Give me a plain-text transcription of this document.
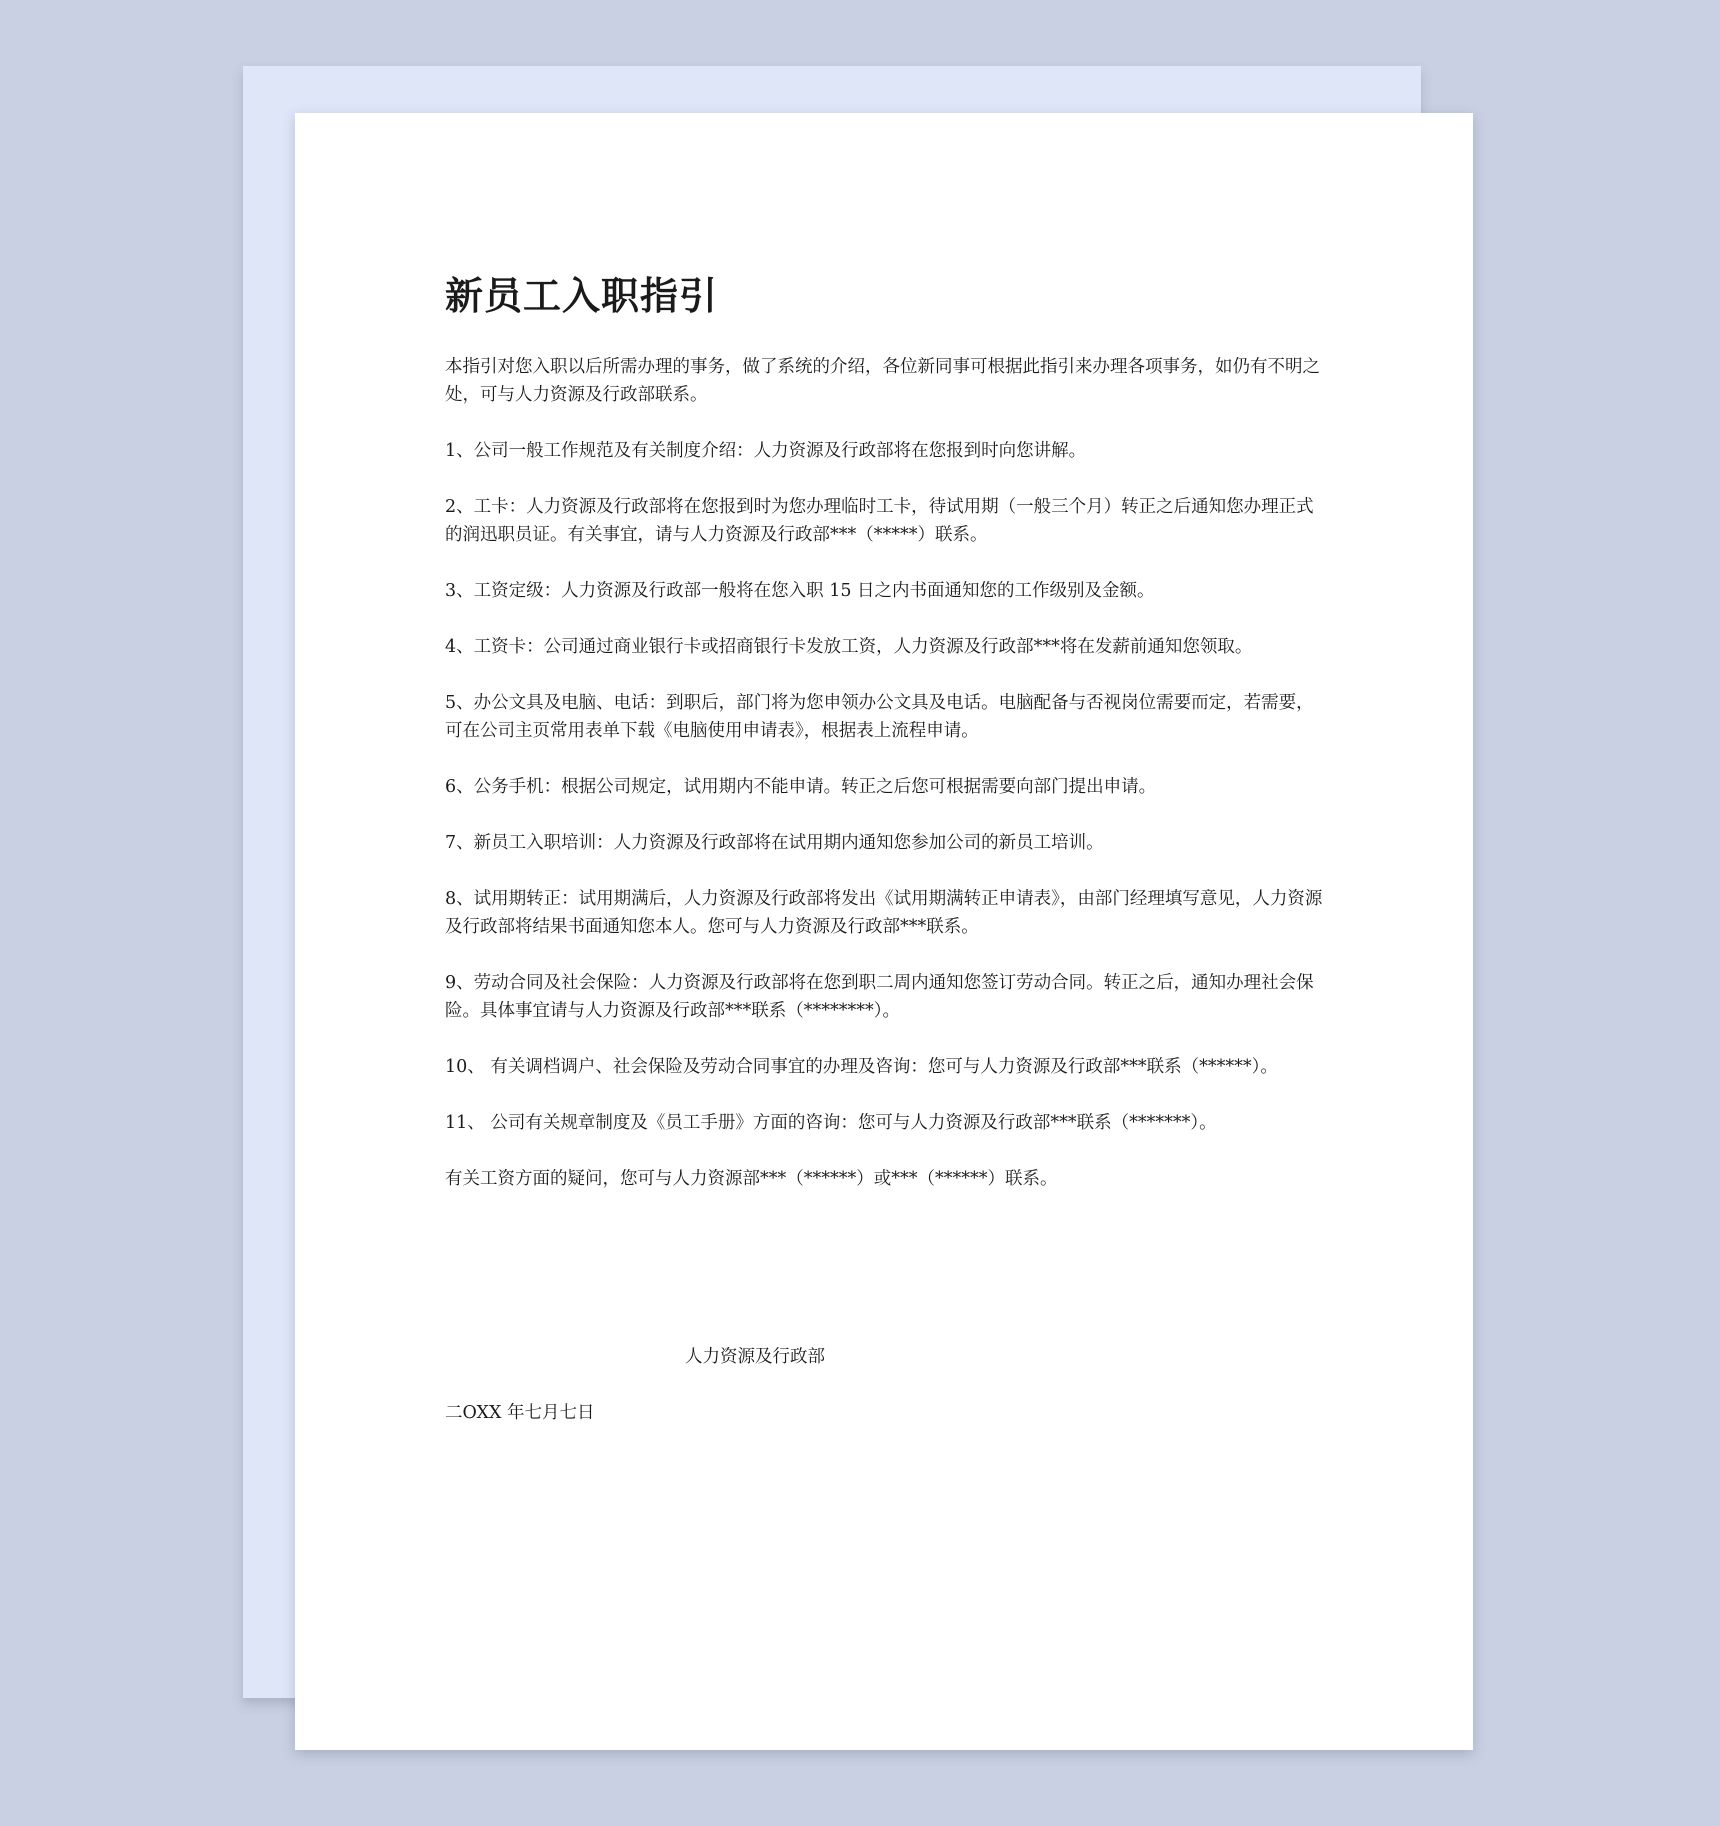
新员工入职指引

本指引对您入职以后所需办理的事务，做了系统的介绍，各位新同事可根据此指引来办理各项事务，如仍有不明之处，可与人力资源及行政部联系。

1、公司一般工作规范及有关制度介绍：人力资源及行政部将在您报到时向您讲解。

2、工卡：人力资源及行政部将在您报到时为您办理临时工卡，待试用期（一般三个月）转正之后通知您办理正式的润迅职员证。有关事宜，请与人力资源及行政部***（*****）联系。

3、工资定级：人力资源及行政部一般将在您入职 15 日之内书面通知您的工作级别及金额。

4、工资卡：公司通过商业银行卡或招商银行卡发放工资，人力资源及行政部***将在发薪前通知您领取。

5、办公文具及电脑、电话：到职后，部门将为您申领办公文具及电话。电脑配备与否视岗位需要而定，若需要，可在公司主页常用表单下载《电脑使用申请表》，根据表上流程申请。

6、公务手机：根据公司规定，试用期内不能申请。转正之后您可根据需要向部门提出申请。

7、新员工入职培训：人力资源及行政部将在试用期内通知您参加公司的新员工培训。

8、试用期转正：试用期满后，人力资源及行政部将发出《试用期满转正申请表》，由部门经理填写意见，人力资源及行政部将结果书面通知您本人。您可与人力资源及行政部***联系。

9、劳动合同及社会保险：人力资源及行政部将在您到职二周内通知您签订劳动合同。转正之后，通知办理社会保险。具体事宜请与人力资源及行政部***联系（********）。

10、 有关调档调户、社会保险及劳动合同事宜的办理及咨询：您可与人力资源及行政部***联系（******）。

11、 公司有关规章制度及《员工手册》方面的咨询：您可与人力资源及行政部***联系（*******）。

有关工资方面的疑问，您可与人力资源部***（******）或***（******）联系。

人力资源及行政部

二OXX 年七月七日
